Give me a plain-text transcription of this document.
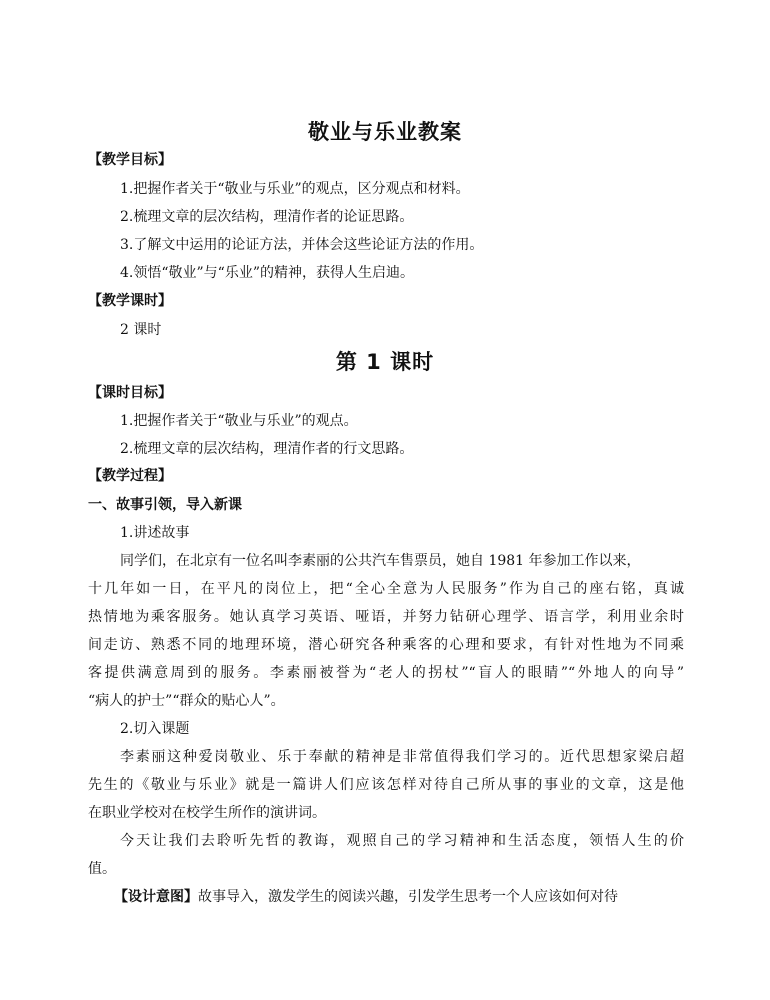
敬业与乐业教案
【教学目标】
1.把握作者关于“敬业与乐业”的观点，区分观点和材料。
2.梳理文章的层次结构，理清作者的论证思路。
3.了解文中运用的论证方法，并体会这些论证方法的作用。
4.领悟“敬业”与“乐业”的精神，获得人生启迪。
【教学课时】
2 课时
第 1 课时
【课时目标】
1.把握作者关于“敬业与乐业”的观点。
2.梳理文章的层次结构，理清作者的行文思路。
【教学过程】
一、故事引领，导入新课
1.讲述故事
同学们，在北京有一位名叫李素丽的公共汽车售票员，她自 1981 年参加工作以来，
十几年如一日，在平凡的岗位上，把“全心全意为人民服务”作为自己的座右铭，真诚
热情地为乘客服务。她认真学习英语、哑语，并努力钻研心理学、语言学，利用业余时
间走访、熟悉不同的地理环境，潜心研究各种乘客的心理和要求，有针对性地为不同乘
客提供满意周到的服务。李素丽被誉为“老人的拐杖”“盲人的眼睛”“外地人的向导”
“病人的护士”“群众的贴心人”。
2.切入课题
李素丽这种爱岗敬业、乐于奉献的精神是非常值得我们学习的。近代思想家梁启超
先生的《敬业与乐业》就是一篇讲人们应该怎样对待自己所从事的事业的文章，这是他
在职业学校对在校学生所作的演讲词。
今天让我们去聆听先哲的教诲，观照自己的学习精神和生活态度，领悟人生的价
值。
【设计意图】故事导入，激发学生的阅读兴趣，引发学生思考一个人应该如何对待
